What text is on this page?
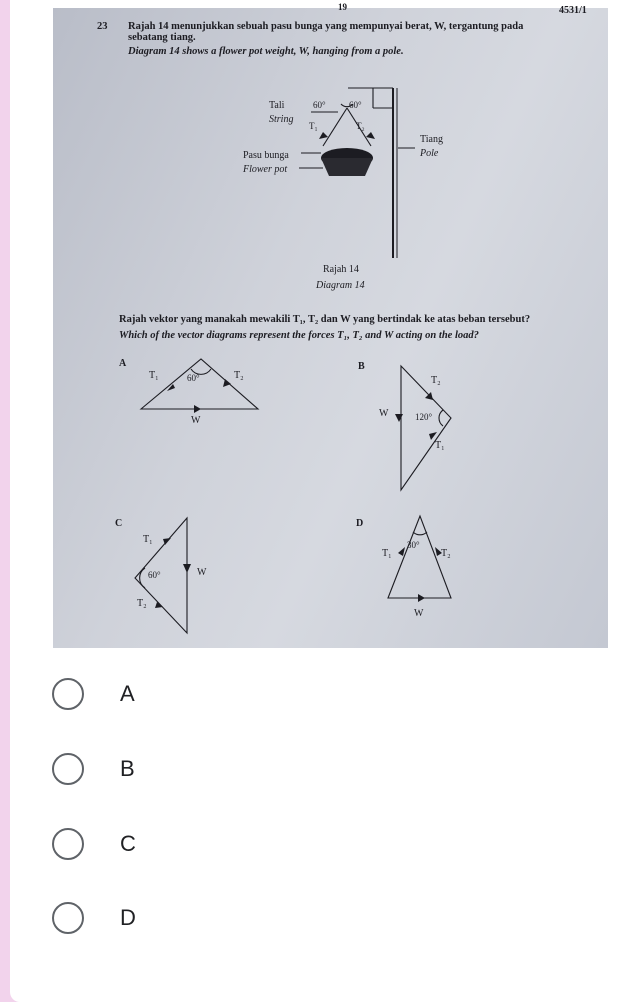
19	4531/1
23 Rajah 14 menunjukkan sebuah pasu bunga yang mempunyai berat, W, tergantung pada
sebatang tiang.
Diagram 14 shows a flower pot weight, W, hanging from a pole.
Tali
String
60°	60°
T₁	T₂
Pasu bunga
Flower pot
Tiang
Pole
Rajah 14
Diagram 14
Rajah vektor yang manakah mewakili T₁, T₂ dan W yang bertindak ke atas beban tersebut?
Which of the vector diagrams represent the forces T₁, T₂ and W acting on the load?
A	B
C	D
T₁	60°	T₂
W
T₂
W	120°
T₁
T₁
60°	W
T₂
30°
T₁	T₂
W
A
B
C
D
